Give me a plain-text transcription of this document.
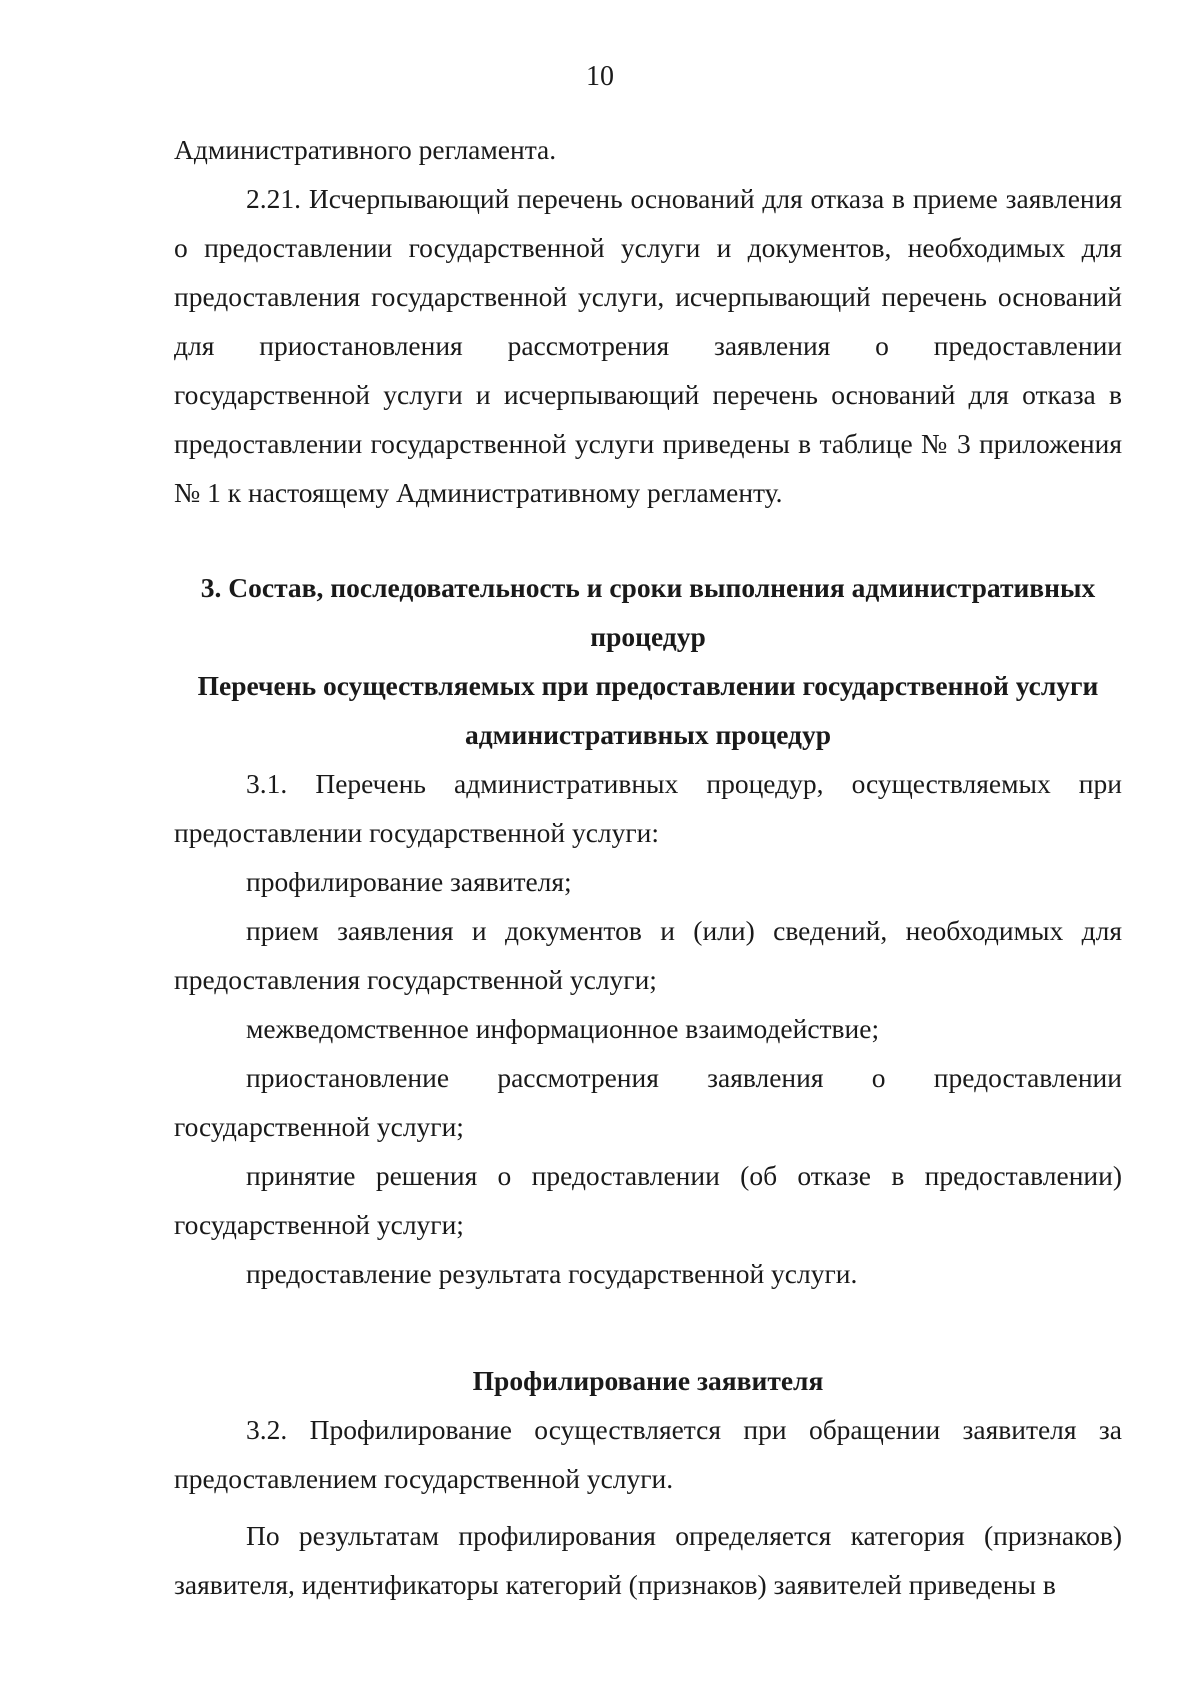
10

Административного регламента.

2.21. Исчерпывающий перечень оснований для отказа в приеме заявления о предоставлении государственной услуги и документов, необходимых для предоставления государственной услуги, исчерпывающий перечень оснований для приостановления рассмотрения заявления о предоставлении государственной услуги и исчерпывающий перечень оснований для отказа в предоставлении государственной услуги приведены в таблице № 3 приложения № 1 к настоящему Административному регламенту.

3. Состав, последовательность и сроки выполнения административных процедур
Перечень осуществляемых при предоставлении государственной услуги административных процедур

3.1. Перечень административных процедур, осуществляемых при предоставлении государственной услуги:

профилирование заявителя;

прием заявления и документов и (или) сведений, необходимых для предоставления государственной услуги;

межведомственное информационное взаимодействие;

приостановление рассмотрения заявления о предоставлении государственной услуги;

принятие решения о предоставлении (об отказе в предоставлении) государственной услуги;

предоставление результата государственной услуги.

Профилирование заявителя

3.2. Профилирование осуществляется при обращении заявителя за предоставлением государственной услуги.

По результатам профилирования определяется категория (признаков) заявителя, идентификаторы категорий (признаков) заявителей приведены в
